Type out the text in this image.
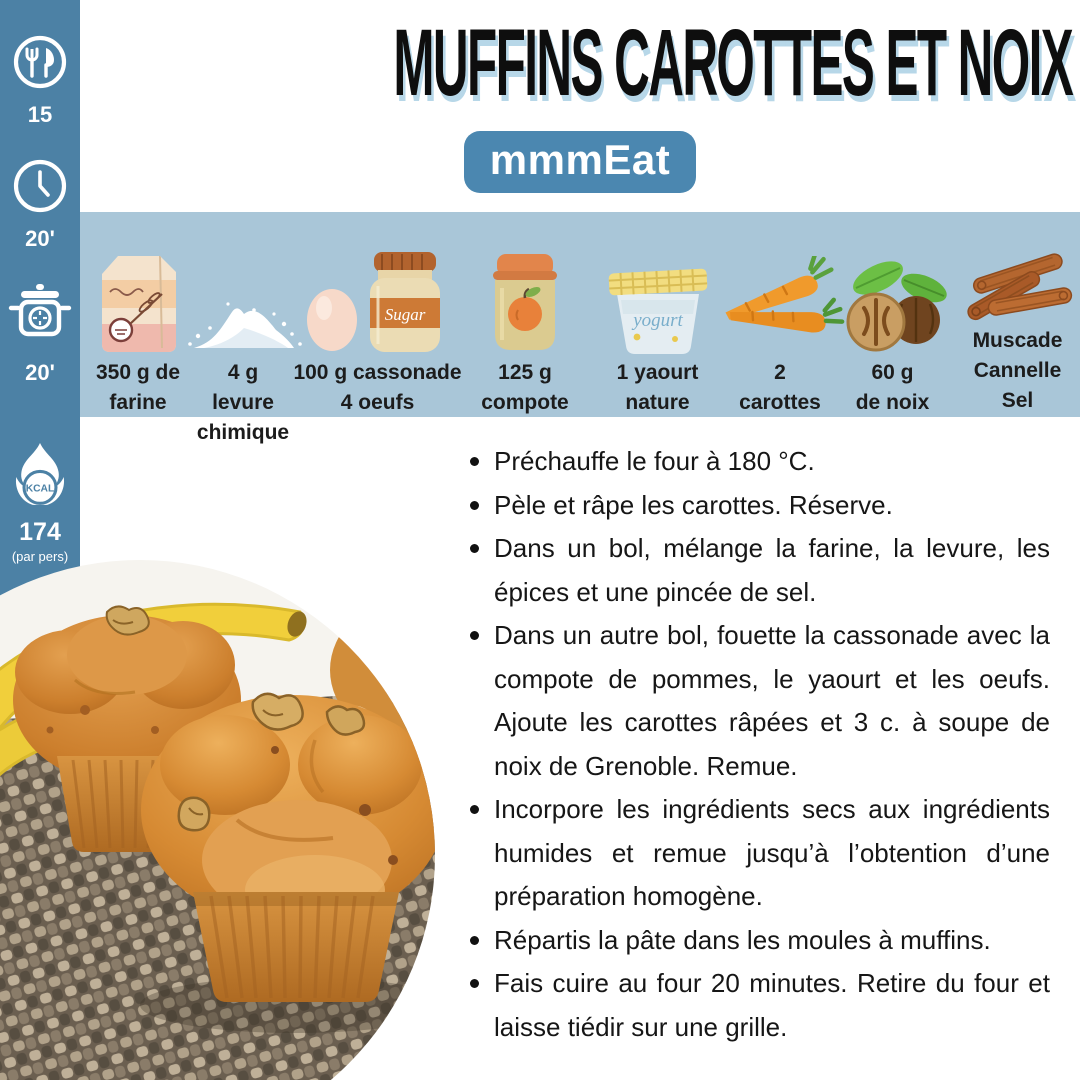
15
20'
20'
KCAL
174
(par pers)
MUFFINS CAROTTES ET NOIX
mmmEat
350 g de
farine
4 g levure
chimique
Sugar
100 g cassonade
4 oeufs
125 g
compote
yogurt
1 yaourt
nature
2
carottes
60 g
de noix
Muscade
Cannelle
Sel
Préchauffe le four à 180 °C.
Pèle et râpe les carottes. Réserve.
Dans un bol, mélange la farine, la levure, les épices et une pincée de sel.
Dans un autre bol, fouette la cassonade avec la compote de pommes, le yaourt et les oeufs. Ajoute les carottes râpées et 3 c. à soupe de noix de Grenoble. Remue.
Incorpore les ingrédients secs aux ingrédients humides et remue jusqu’à l’obtention d’une préparation homogène.
Répartis la pâte dans les moules à muffins.
Fais cuire au four 20 minutes. Retire du four et laisse tiédir sur une grille.
